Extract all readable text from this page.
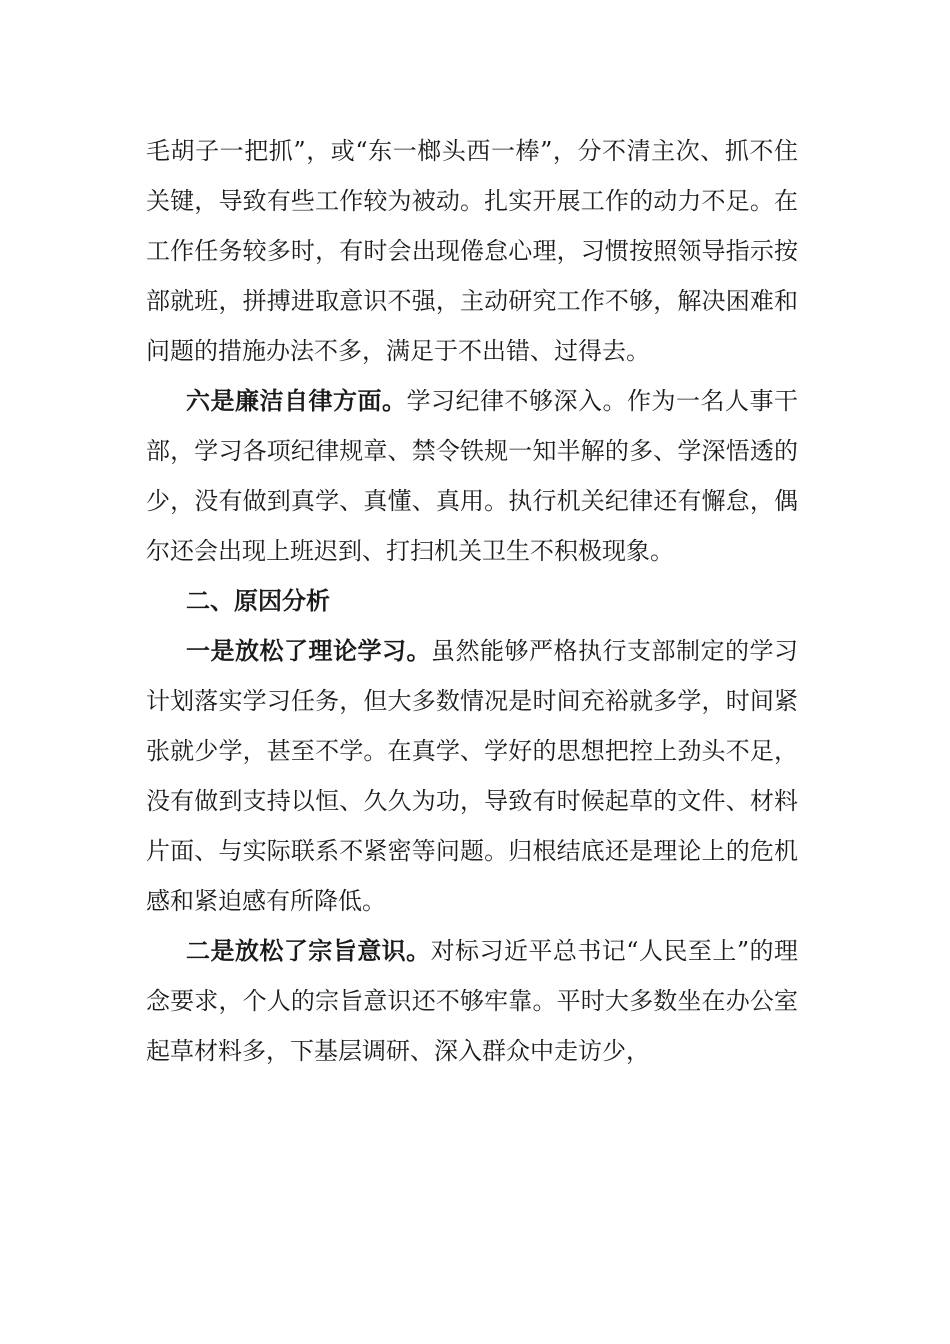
毛胡子一把抓”，或“东一榔头西一棒”，分不清主次、抓不住关键，导致有些工作较为被动。扎实开展工作的动力不足。在工作任务较多时，有时会出现倦怠心理，习惯按照领导指示按部就班，拼搏进取意识不强，主动研究工作不够，解决困难和问题的措施办法不多，满足于不出错、过得去。

六是廉洁自律方面。学习纪律不够深入。作为一名人事干部，学习各项纪律规章、禁令铁规一知半解的多、学深悟透的少，没有做到真学、真懂、真用。执行机关纪律还有懈怠，偶尔还会出现上班迟到、打扫机关卫生不积极现象。

二、原因分析

一是放松了理论学习。虽然能够严格执行支部制定的学习计划落实学习任务，但大多数情况是时间充裕就多学，时间紧张就少学，甚至不学。在真学、学好的思想把控上劲头不足，没有做到支持以恒、久久为功，导致有时候起草的文件、材料片面、与实际联系不紧密等问题。归根结底还是理论上的危机感和紧迫感有所降低。

二是放松了宗旨意识。对标习近平总书记“人民至上”的理念要求，个人的宗旨意识还不够牢靠。平时大多数坐在办公室起草材料多，下基层调研、深入群众中走访少，
